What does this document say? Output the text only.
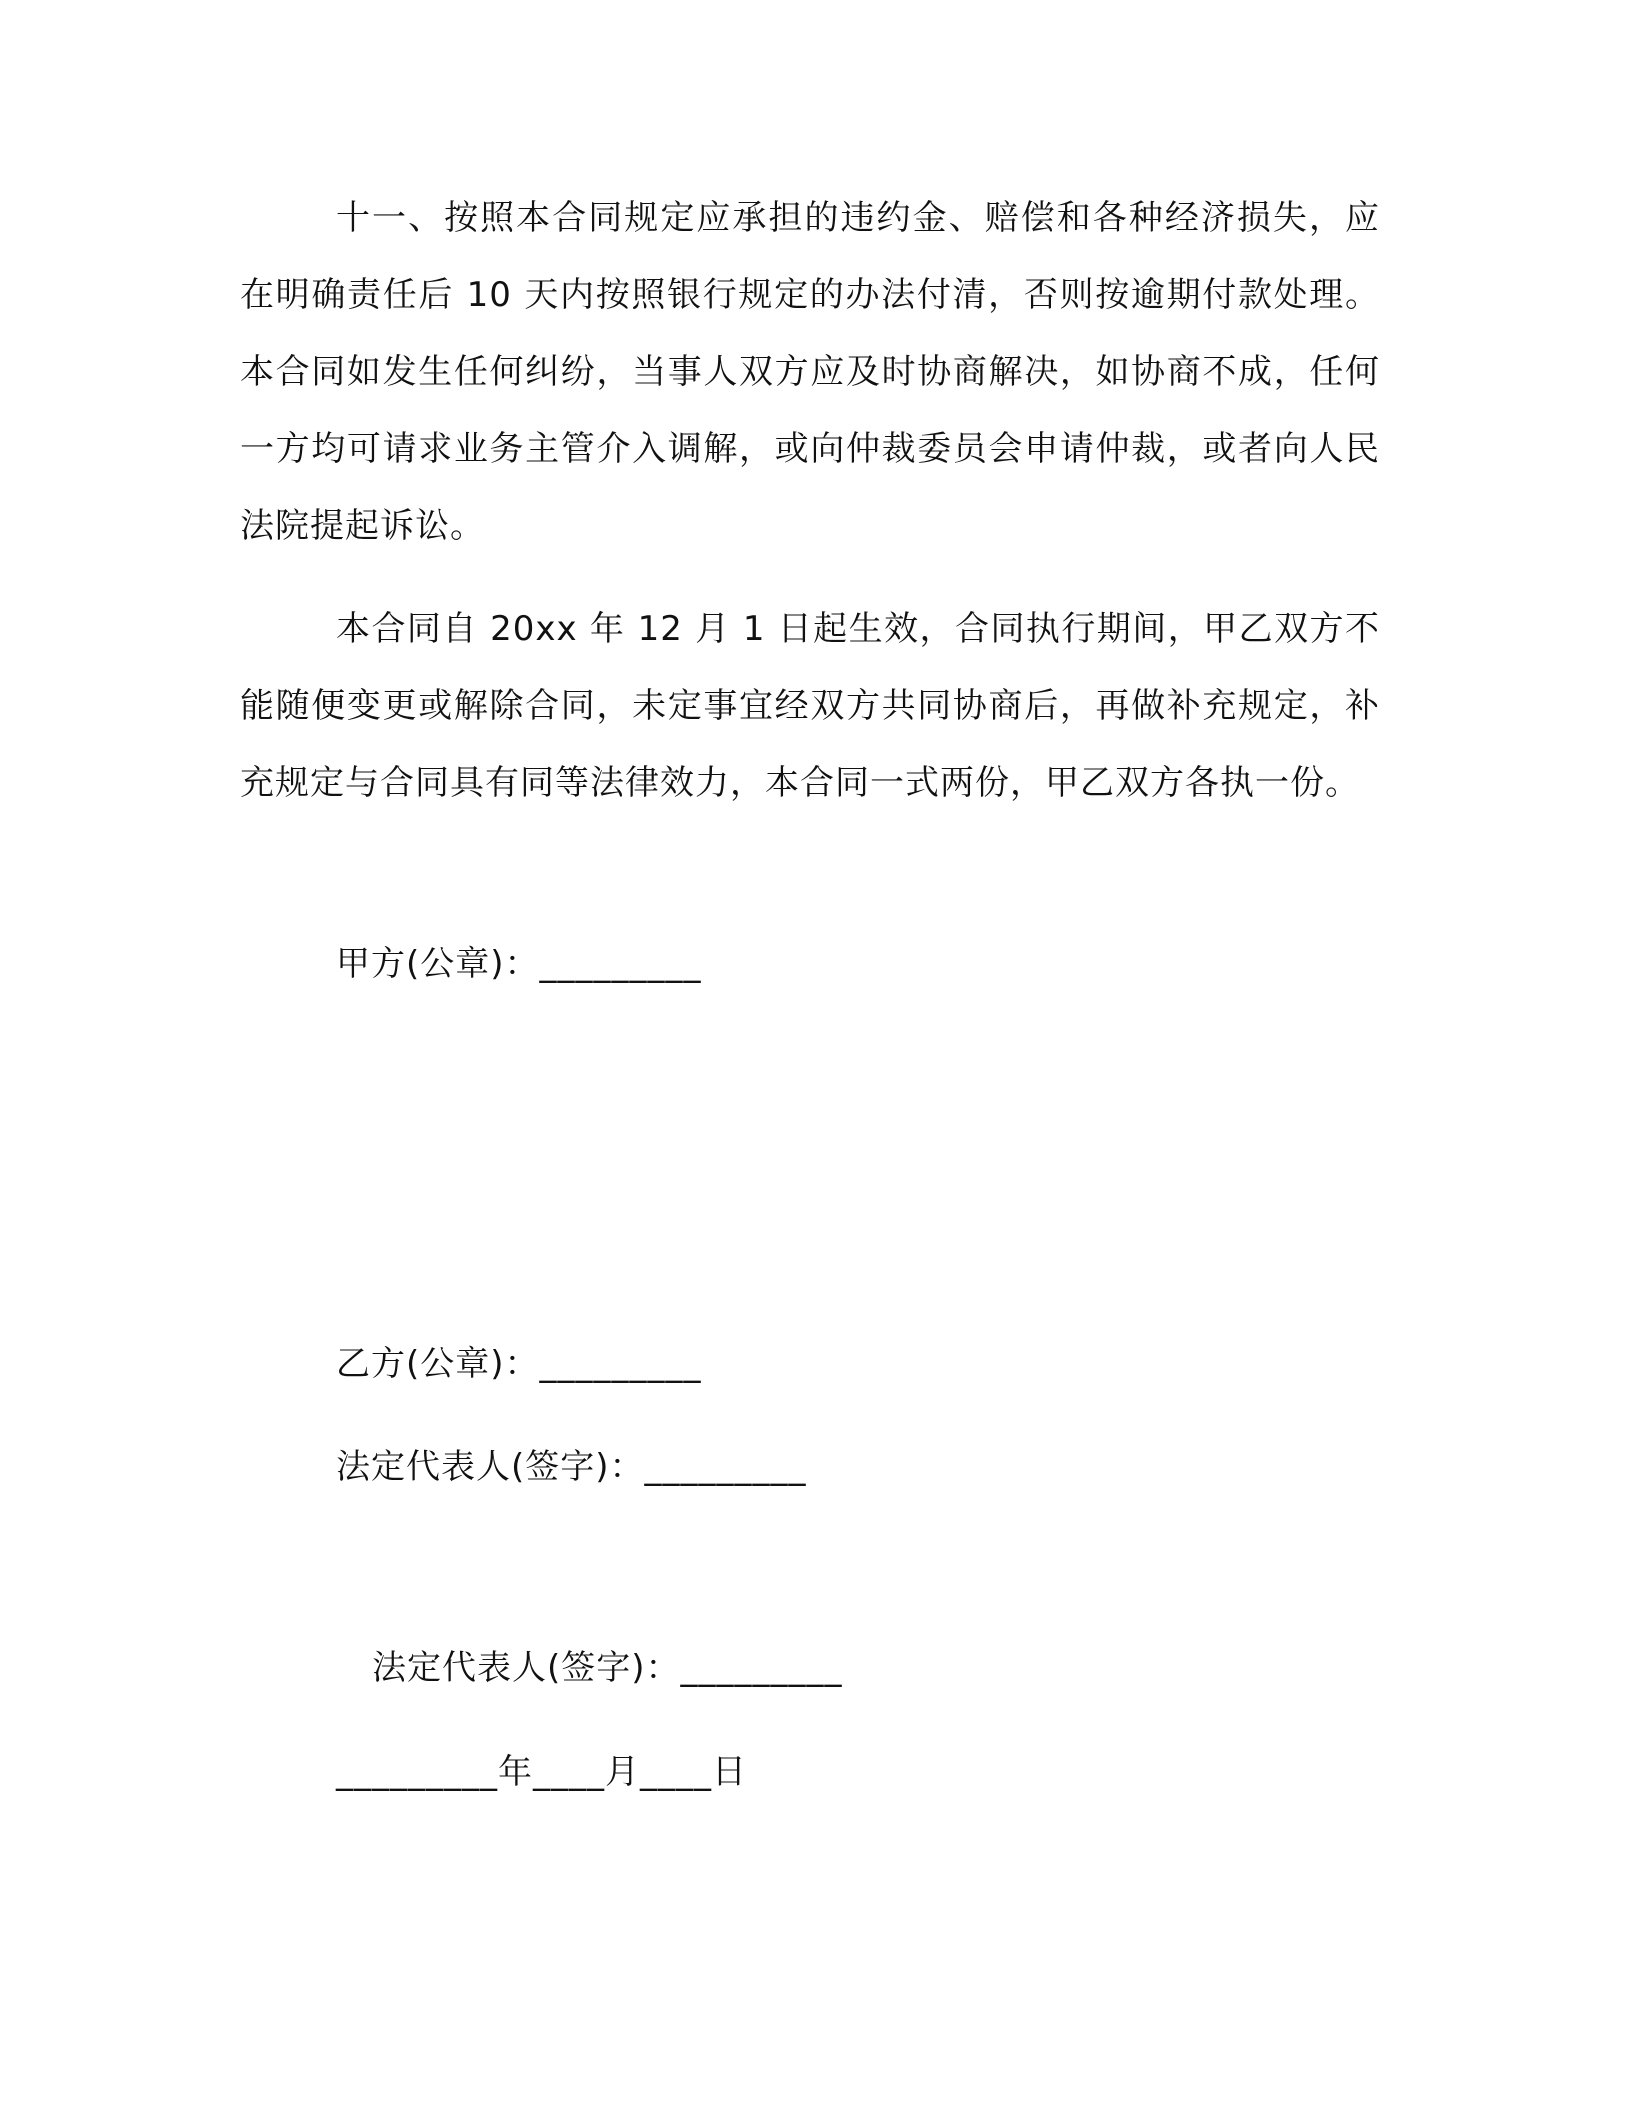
十一、按照本合同规定应承担的违约金、赔偿和各种经济损失，应在明确责任后 10 天内按照银行规定的办法付清，否则按逾期付款处理。 本合同如发生任何纠纷，当事人双方应及时协商解决，如协商不成，任何一方均可请求业务主管介入调解，或向仲裁委员会申请仲裁，或者向人民法院提起诉讼。

本合同自 20xx 年 12 月 1 日起生效，合同执行期间，甲乙双方不能随便变更或解除合同，未定事宜经双方共同协商后，再做补充规定，补充规定与合同具有同等法律效力，本合同一式两份，甲乙双方各执一份。

甲方(公章)：_________
乙方(公章)：_________
法定代表人(签字)：_________
法定代表人(签字)：_________
_________年____月____日
